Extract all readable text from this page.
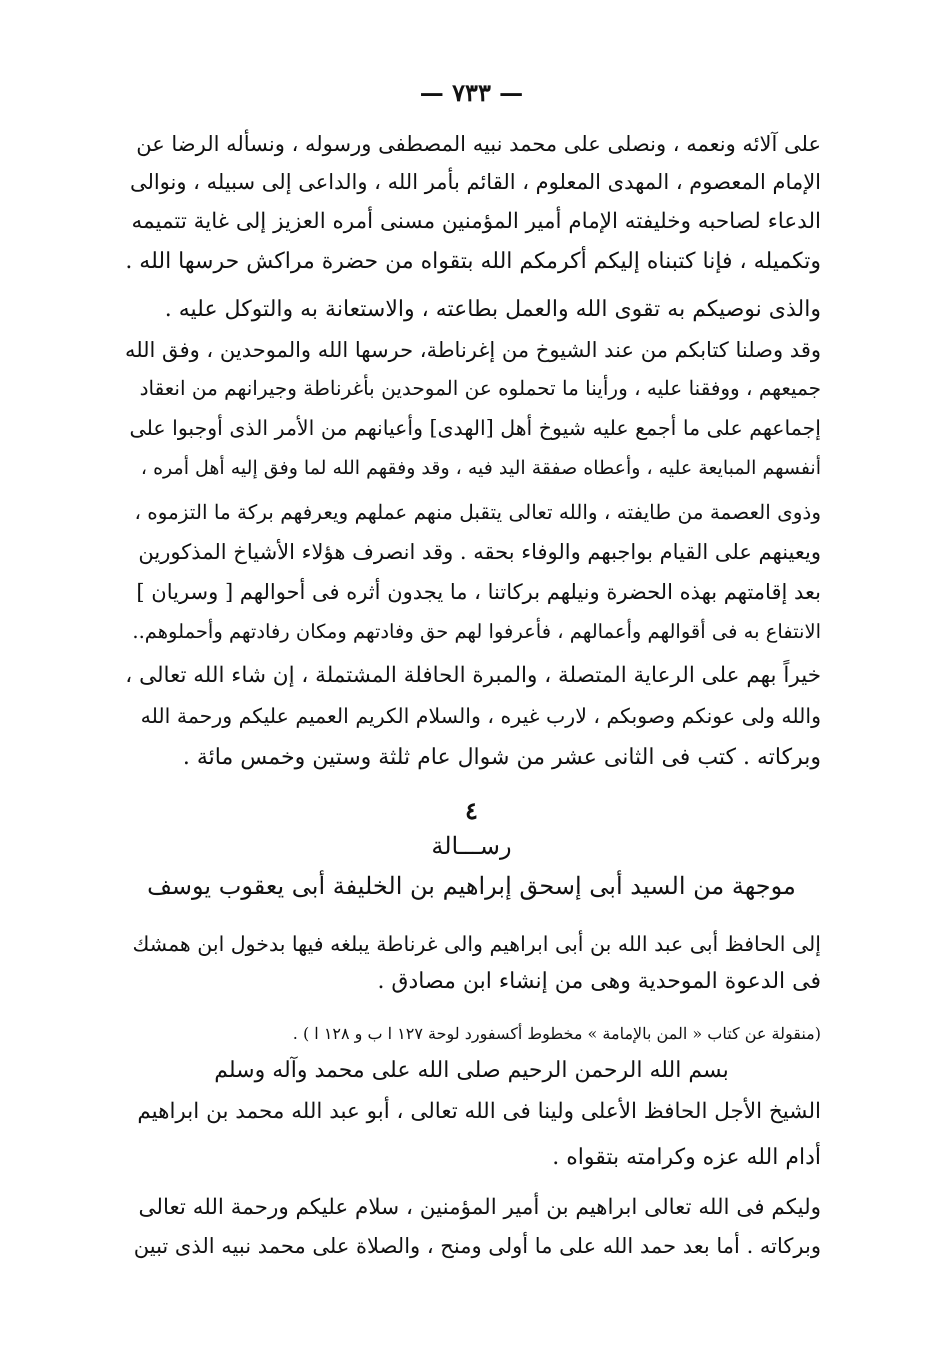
— ٧٣٣ —
على آلائه ونعمه ، ونصلى على محمد نبيه المصطفى ورسوله ، ونسأله الرضا عن
الإمام المعصوم ، المهدى المعلوم ، القائم بأمر الله ، والداعى إلى سبيله ، ونوالى
الدعاء لصاحبه وخليفته الإمام أمير المؤمنين مسنى أمره العزيز إلى غاية تتميمه
وتكميله ، فإنا كتبناه إليكم أكرمكم الله بتقواه من حضرة مراكش حرسها الله .
والذى نوصيكم به تقوى الله والعمل بطاعته ، والاستعانة به والتوكل عليه .
وقد وصلنا كتابكم من عند الشيوخ من إغرناطة، حرسها الله والموحدين ، وفق الله
جميعهم ، ووفقنا عليه ، ورأينا ما تحملوه عن الموحدين بأغرناطة وجيرانهم من انعقاد
إجماعهم على ما أجمع عليه شيوخ أهل [الهدى] وأعيانهم من الأمر الذى أوجبوا على
أنفسهم المبايعة عليه ، وأعطاه صفقة اليد فيه ، وقد وفقهم الله لما وفق إليه أهل أمره ،
وذوى العصمة من طايفته ، والله تعالى يتقبل منهم عملهم ويعرفهم بركة ما التزموه ،
ويعينهم على القيام بواجبهم والوفاء بحقه . وقد انصرف هؤلاء الأشياخ المذكورين
بعد إقامتهم بهذه الحضرة ونيلهم بركاتنا ، ما يجدون أثره فى أحوالهم [ وسريان ]
الانتفاع به فى أقوالهم وأعمالهم ، فأعرفوا لهم حق وفادتهم ومكان رفادتهم وأحملوهم..
خيراً بهم على الرعاية المتصلة ، والمبرة الحافلة المشتملة ، إن شاء الله تعالى ،
والله ولى عونكم وصوبكم ، لارب غيره ، والسلام الكريم العميم عليكم ورحمة الله
وبركاته . كتب فى الثانى عشر من شوال عام ثلثة وستين وخمس مائة .
٤
رســـالة
موجهة من السيد أبى إسحق إبراهيم بن الخليفة أبى يعقوب يوسف
إلى الحافظ أبى عبد الله بن أبى ابراهيم والى غرناطة يبلغه فيها بدخول ابن همشك
فى الدعوة الموحدية وهى من إنشاء ابن مصادق .
(منقولة عن كتاب « المن بالإمامة » مخطوط أكسفورد لوحة ١٢٧ ا ب و ١٢٨ ا ) .
بسم الله الرحمن الرحيم صلى الله على محمد وآله وسلم
الشيخ الأجل الحافظ الأعلى ولينا فى الله تعالى ، أبو عبد الله محمد بن ابراهيم
أدام الله عزه وكرامته بتقواه .
وليكم فى الله تعالى ابراهيم بن أمير المؤمنين ، سلام عليكم ورحمة الله تعالى
وبركاته . أما بعد حمد الله على ما أولى ومنح ، والصلاة على محمد نبيه الذى تبين
